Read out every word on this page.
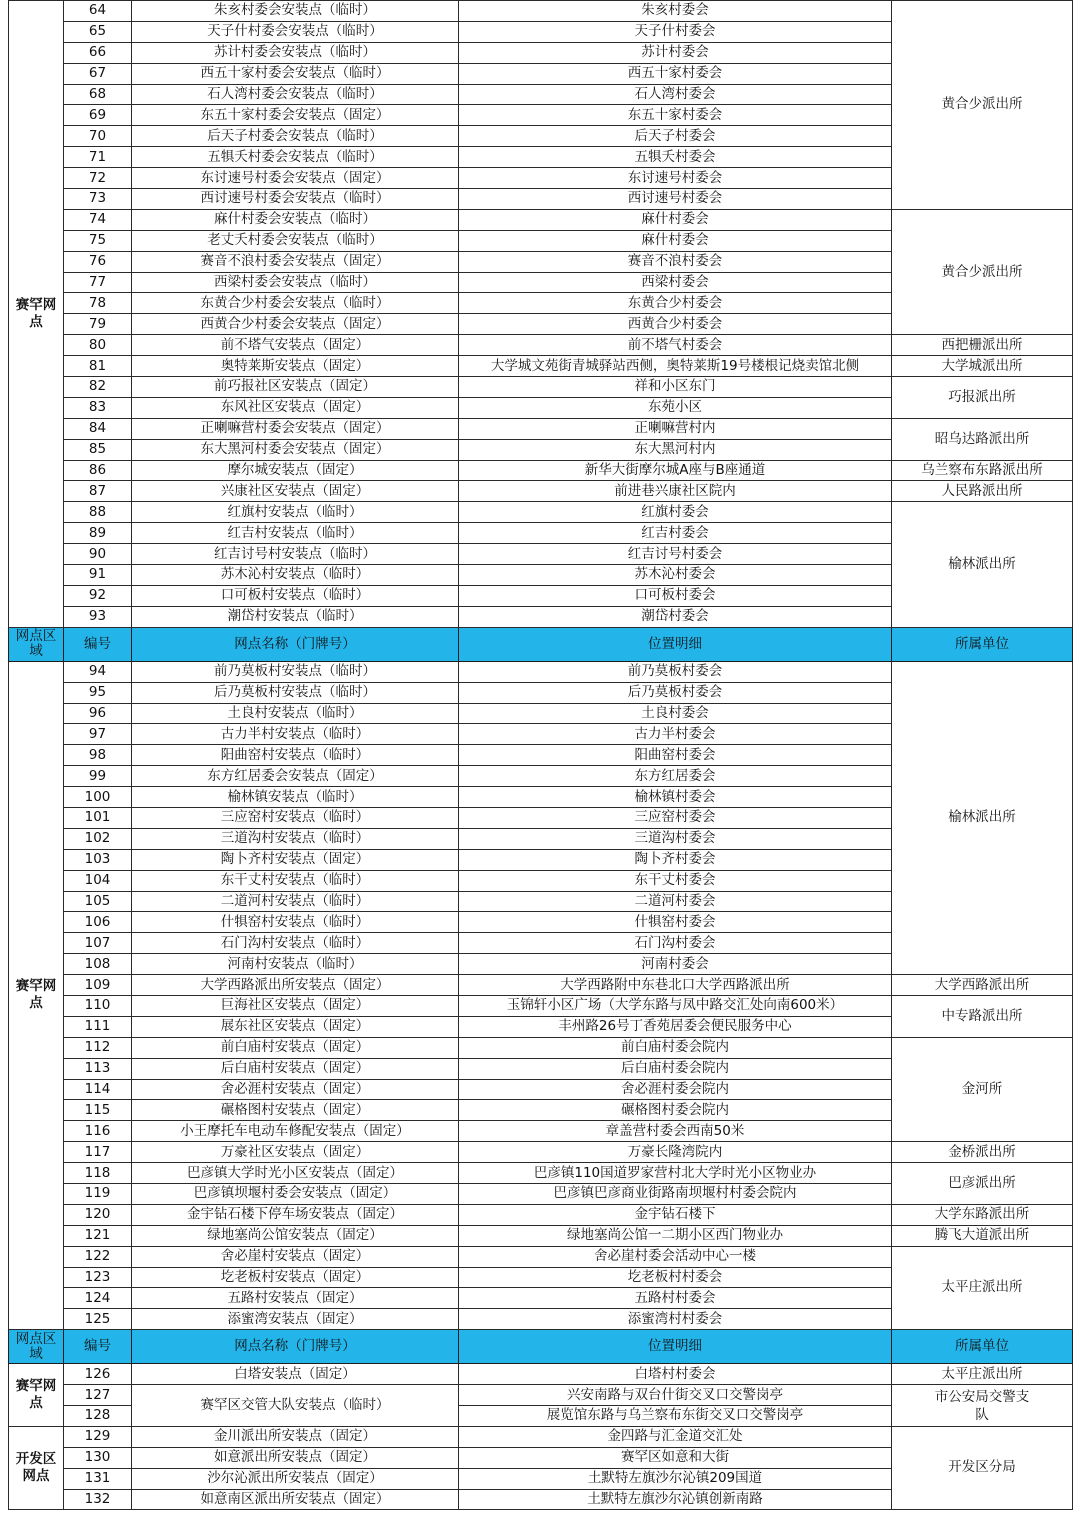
赛罕网点	64	朱亥村委会安装点（临时）	朱亥村委会	黄合少派出所
	65	天子什村委会安装点（临时）	天子什村委会	
	66	苏计村委会安装点（临时）	苏计村委会	
	67	西五十家村委会安装点（临时）	西五十家村委会	
	68	石人湾村委会安装点（临时）	石人湾村委会	
	69	东五十家村委会安装点（固定）	东五十家村委会	
	70	后天子村委会安装点（临时）	后天子村委会	
	71	五犋夭村委会安装点（临时）	五犋夭村委会	
	72	东讨速号村委会安装点（固定）	东讨速号村委会	
	73	西讨速号村委会安装点（临时）	西讨速号村委会	
	74	麻什村委会安装点（临时）	麻什村委会	黄合少派出所
	75	老丈夭村委会安装点（临时）	麻什村委会	
	76	赛音不浪村委会安装点（固定）	赛音不浪村委会	
	77	西梁村委会安装点（临时）	西梁村委会	
	78	东黄合少村委会安装点（临时）	东黄合少村委会	
	79	西黄合少村委会安装点（固定）	西黄合少村委会	
	80	前不塔气安装点（固定）	前不塔气村委会	西把栅派出所
	81	奥特莱斯安装点（固定）	大学城文苑街青城驿站西侧，奥特莱斯19号楼根记烧卖馆北侧	大学城派出所
	82	前巧报社区安装点（固定）	祥和小区东门	巧报派出所
	83	东风社区安装点（固定）	东苑小区	
	84	正喇嘛营村委会安装点（固定）	正喇嘛营村内	昭乌达路派出所
	85	东大黑河村委会安装点（固定）	东大黑河村内	
	86	摩尔城安装点（固定）	新华大街摩尔城A座与B座通道	乌兰察布东路派出所
	87	兴康社区安装点（固定）	前进巷兴康社区院内	人民路派出所
	88	红旗村安装点（临时）	红旗村委会	榆林派出所
	89	红吉村安装点（临时）	红吉村委会	
	90	红吉讨号村安装点（临时）	红吉讨号村委会	
	91	苏木沁村安装点（临时）	苏木沁村委会	
	92	口可板村安装点（临时）	口可板村委会	
	93	潮岱村安装点（临时）	潮岱村委会	
网点区域	编号	网点名称（门牌号）	位置明细	所属单位
赛罕网点	94	前乃莫板村安装点（临时）	前乃莫板村委会	榆林派出所
	95	后乃莫板村安装点（临时）	后乃莫板村委会	
	96	土良村安装点（临时）	土良村委会	
	97	古力半村安装点（临时）	古力半村委会	
	98	阳曲窑村安装点（临时）	阳曲窑村委会	
	99	东方红居委会安装点（固定）	东方红居委会	
	100	榆林镇安装点（临时）	榆林镇村委会	
	101	三应窑村安装点（临时）	三应窑村委会	
	102	三道沟村安装点（临时）	三道沟村委会	
	103	陶卜齐村安装点（固定）	陶卜齐村委会	
	104	东干丈村安装点（临时）	东干丈村委会	
	105	二道河村安装点（临时）	二道河村委会	
	106	什犋窑村安装点（临时）	什犋窑村委会	
	107	石门沟村安装点（临时）	石门沟村委会	
	108	河南村安装点（临时）	河南村委会	
	109	大学西路派出所安装点（固定）	大学西路附中东巷北口大学西路派出所	大学西路派出所
	110	巨海社区安装点（固定）	玉锦轩小区广场（大学东路与凤中路交汇处向南600米）	中专路派出所
	111	展东社区安装点（固定）	丰州路26号丁香苑居委会便民服务中心	
	112	前白庙村安装点（固定）	前白庙村委会院内	金河所
	113	后白庙村安装点（固定）	后白庙村委会院内	
	114	舍必涯村安装点（固定）	舍必涯村委会院内	
	115	碾格图村安装点（固定）	碾格图村委会院内	
	116	小王摩托车电动车修配安装点（固定）	章盖营村委会西南50米	
	117	万豪社区安装点（固定）	万豪长隆湾院内	金桥派出所
	118	巴彦镇大学时光小区安装点（固定）	巴彦镇110国道罗家营村北大学时光小区物业办	巴彦派出所
	119	巴彦镇坝堰村委会安装点（固定）	巴彦镇巴彦商业街路南坝堰村村委会院内	
	120	金宇钻石楼下停车场安装点（固定）	金宇钻石楼下	大学东路派出所
	121	绿地塞尚公馆安装点（固定）	绿地塞尚公馆一二期小区西门物业办	腾飞大道派出所
	122	舍必崖村安装点（固定）	舍必崖村委会活动中心一楼	太平庄派出所
	123	圪老板村安装点（固定）	圪老板村村委会	
	124	五路村安装点（固定）	五路村村委会	
	125	添蜜湾安装点（固定）	添蜜湾村村委会	
网点区域	编号	网点名称（门牌号）	位置明细	所属单位
赛罕网点	126	白塔安装点（固定）	白塔村村委会	太平庄派出所
	127	赛罕区交管大队安装点（临时）	兴安南路与双台什街交叉口交警岗亭	市公安局交警支队
	128		展览馆东路与乌兰察布东街交叉口交警岗亭	
开发区网点	129	金川派出所安装点（固定）	金四路与汇金道交汇处	开发区分局
	130	如意派出所安装点（固定）	赛罕区如意和大街	
	131	沙尔沁派出所安装点（固定）	土默特左旗沙尔沁镇209国道	
	132	如意南区派出所安装点（固定）	土默特左旗沙尔沁镇创新南路	
